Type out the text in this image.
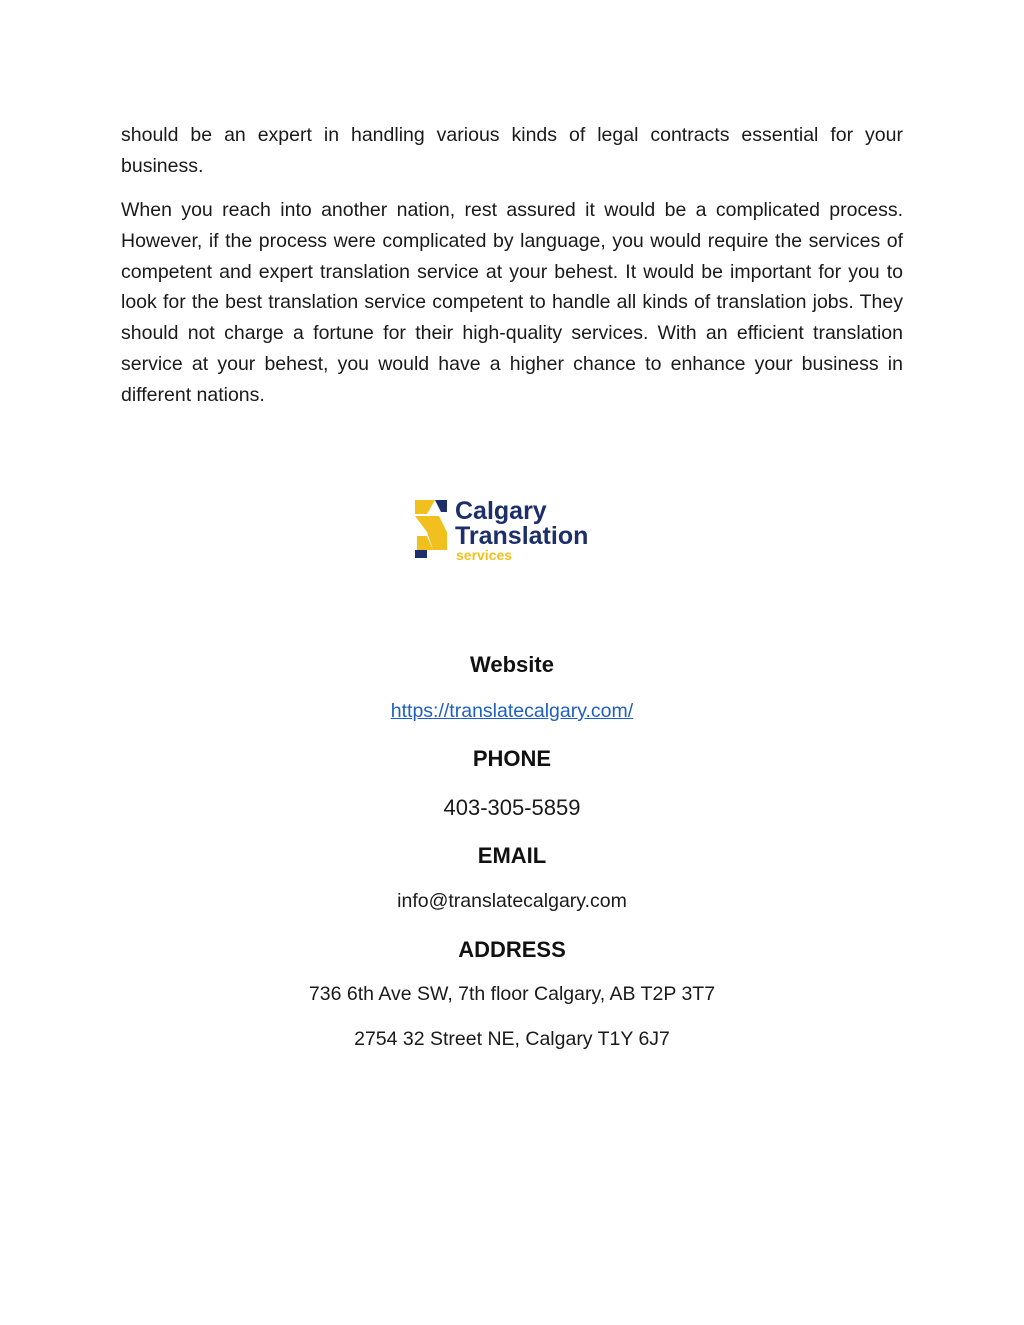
should be an expert in handling various kinds of legal contracts essential for your business.

When you reach into another nation, rest assured it would be a complicated process. However, if the process were complicated by language, you would require the services of competent and expert translation service at your behest. It would be important for you to look for the best translation service competent to handle all kinds of translation jobs. They should not charge a fortune for their high-quality services. With an efficient translation service at your behest, you would have a higher chance to enhance your business in different nations.

Calgary
Translation
services

Website

https://translatecalgary.com/

PHONE

403-305-5859

EMAIL

info@translatecalgary.com

ADDRESS

736 6th Ave SW, 7th floor Calgary, AB T2P 3T7

2754 32 Street NE, Calgary T1Y 6J7
